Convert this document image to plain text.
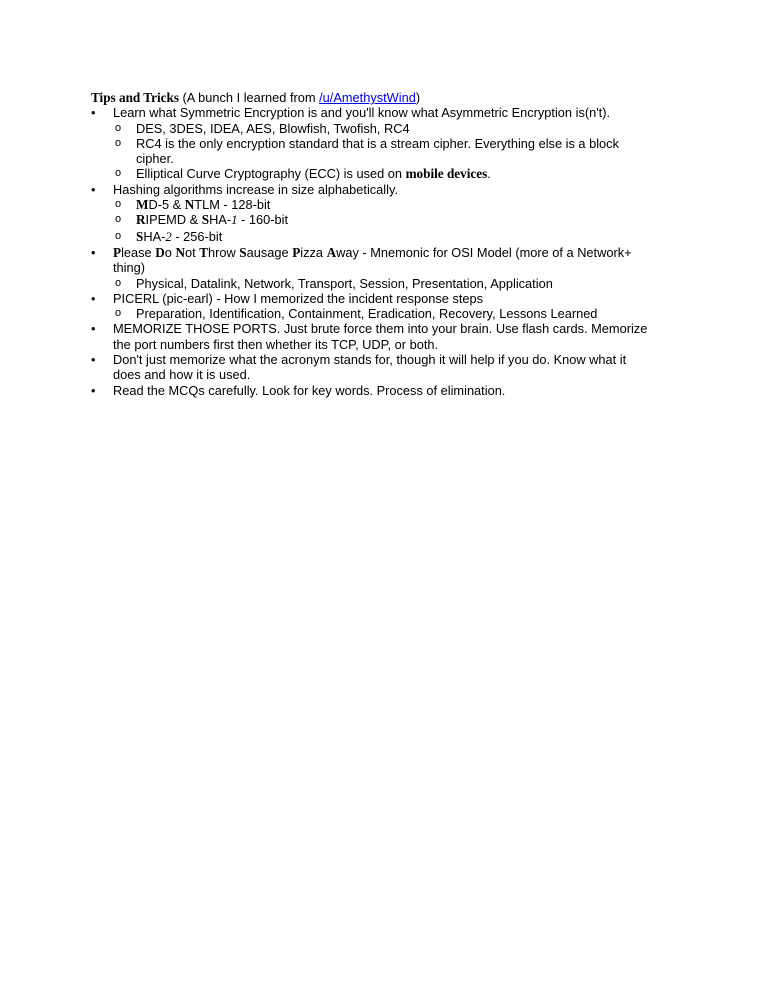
Tips and Tricks (A bunch I learned from /u/AmethystWind)

•	Learn what Symmetric Encryption is and you'll know what Asymmetric Encryption is(n't).
o DES, 3DES, IDEA, AES, Blowfish, Twofish, RC4
o RC4 is the only encryption standard that is a stream cipher. Everything else is a block cipher.
o Elliptical Curve Cryptography (ECC) is used on mobile devices.
•	Hashing algorithms increase in size alphabetically.
o MD-5 & NTLM - 128-bit
o RIPEMD & SHA-1 - 160-bit
o SHA-2 - 256-bit
•	Please Do Not Throw Sausage Pizza Away - Mnemonic for OSI Model (more of a Network+ thing)
o Physical, Datalink, Network, Transport, Session, Presentation, Application
•	PICERL (pic-earl) - How I memorized the incident response steps
o Preparation, Identification, Containment, Eradication, Recovery, Lessons Learned
•	MEMORIZE THOSE PORTS. Just brute force them into your brain. Use flash cards. Memorize the port numbers first then whether its TCP, UDP, or both.
•	Don't just memorize what the acronym stands for, though it will help if you do. Know what it does and how it is used.
•	Read the MCQs carefully. Look for key words. Process of elimination.
